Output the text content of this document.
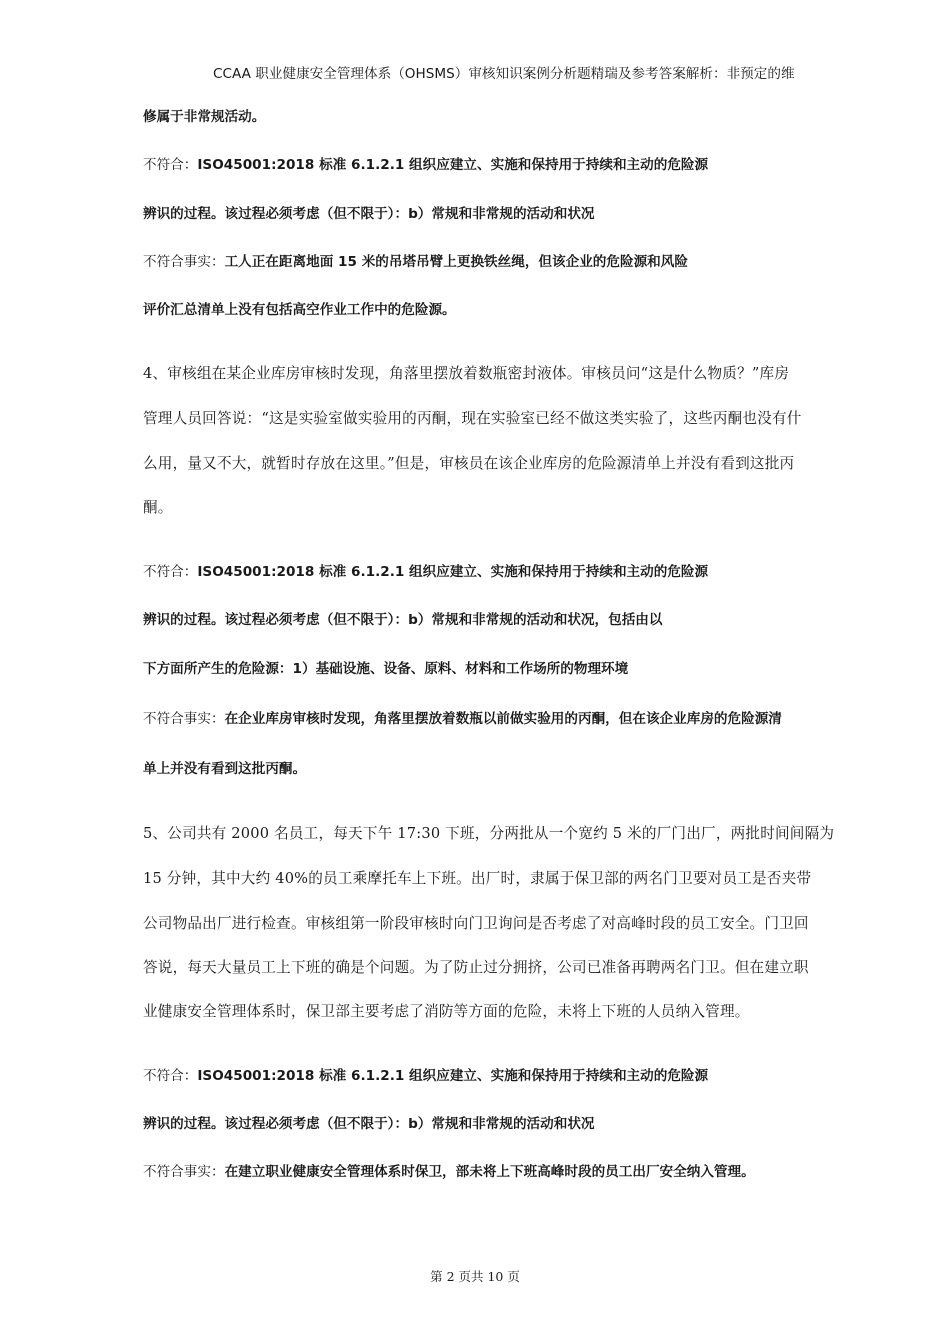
CCAA 职业健康安全管理体系（OHSMS）审核知识案例分析题精瑞及参考答案解析：非预定的维
修属于非常规活动。
不符合：ISO45001:2018 标准 6.1.2.1 组织应建立、实施和保持用于持续和主动的危险源
辨识的过程。该过程必须考虑（但不限于）：b）常规和非常规的活动和状况
不符合事实：工人正在距离地面 15 米的吊塔吊臂上更换铁丝绳，但该企业的危险源和风险
评价汇总清单上没有包括高空作业工作中的危险源。
4、审核组在某企业库房审核时发现，角落里摆放着数瓶密封液体。审核员问“这是什么物质？”库房
管理人员回答说：“这是实验室做实验用的丙酮，现在实验室已经不做这类实验了，这些丙酮也没有什
么用，量又不大，就暂时存放在这里。”但是，审核员在该企业库房的危险源清单上并没有看到这批丙
酮。
不符合：ISO45001:2018 标准 6.1.2.1 组织应建立、实施和保持用于持续和主动的危险源
辨识的过程。该过程必须考虑（但不限于）：b）常规和非常规的活动和状况，包括由以
下方面所产生的危险源：1）基础设施、设备、原料、材料和工作场所的物理环境
不符合事实：在企业库房审核时发现，角落里摆放着数瓶以前做实验用的丙酮，但在该企业库房的危险源清
单上并没有看到这批丙酮。
5、公司共有 2000 名员工，每天下午 17:30 下班，分两批从一个宽约 5 米的厂门出厂，两批时间间隔为
15 分钟，其中大约 40%的员工乘摩托车上下班。出厂时，隶属于保卫部的两名门卫要对员工是否夹带
公司物品出厂进行检查。审核组第一阶段审核时向门卫询问是否考虑了对高峰时段的员工安全。门卫回
答说，每天大量员工上下班的确是个问题。为了防止过分拥挤，公司已准备再聘两名门卫。但在建立职
业健康安全管理体系时，保卫部主要考虑了消防等方面的危险，未将上下班的人员纳入管理。
不符合：ISO45001:2018 标准 6.1.2.1 组织应建立、实施和保持用于持续和主动的危险源
辨识的过程。该过程必须考虑（但不限于）：b）常规和非常规的活动和状况
不符合事实：在建立职业健康安全管理体系时保卫，部未将上下班高峰时段的员工出厂安全纳入管理。
第 2 页共 10 页
